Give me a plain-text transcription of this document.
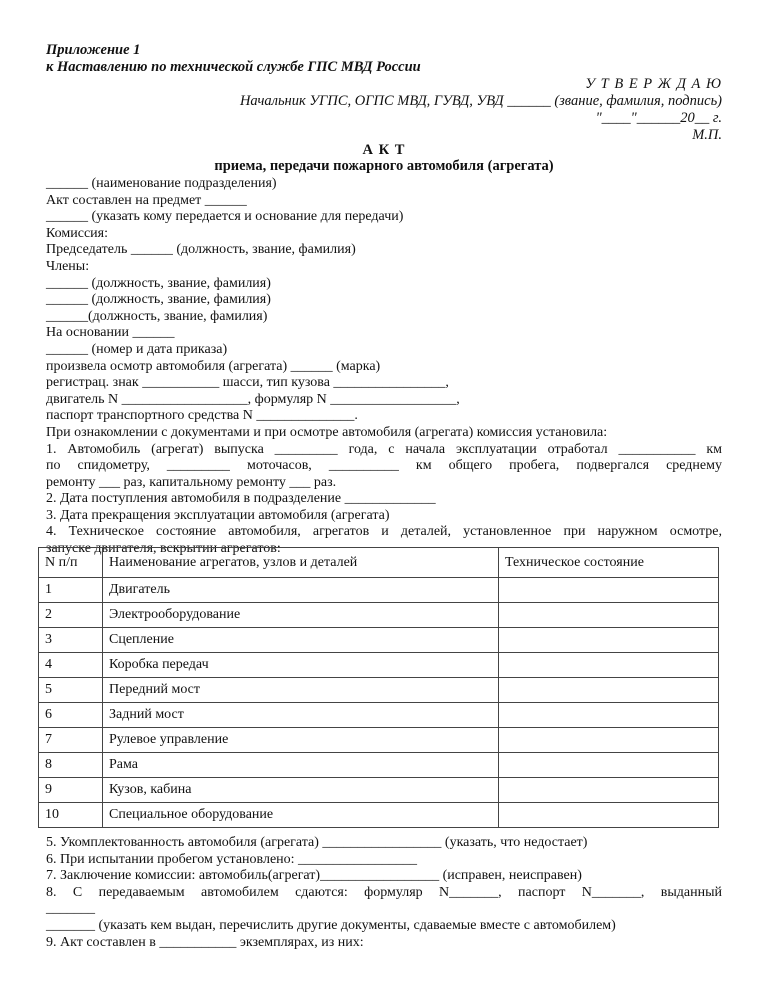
Приложение 1
к Наставлению по технической службе ГПС МВД России
У Т В Е Р Ж Д А Ю
Начальник УГПС, ОГПС МВД, ГУВД, УВД ______ (звание, фамилия, подпись)
"____"______20__ г.
М.П.
А К Т
приема, передачи пожарного автомобиля (агрегата)
______ (наименование подразделения)
Акт составлен на предмет ______
______ (указать кому передается и основание для передачи)
Комиссия:
Председатель ______ (должность, звание, фамилия)
Члены:
______ (должность, звание, фамилия)
______ (должность, звание, фамилия)
______(должность, звание, фамилия)
На основании ______
______ (номер и дата приказа)
произвела осмотр автомобиля (агрегата) ______ (марка)
регистрац. знак ___________ шасси, тип кузова ________________,
двигатель N __________________, формуляр N __________________,
паспорт транспортного средства N ______________.
При ознакомлении с документами и при осмотре автомобиля (агрегата) комиссия установила:
1. Автомобиль (агрегат) выпуска _________ года, с начала эксплуатации отработал ___________ км
по спидометру, _________ моточасов, __________ км общего пробега, подвергался среднему
ремонту ___ раз, капитальному ремонту ___ раз.
2. Дата поступления автомобиля в подразделение _____________
3. Дата прекращения эксплуатации автомобиля (агрегата)
4. Техническое состояние автомобиля, агрегатов и деталей, установленное при наружном осмотре,
запуске двигателя, вскрытии агрегатов:
N п/п	Наименование агрегатов, узлов и деталей	Техническое состояние
1	Двигатель	
2	Электрооборудование	
3	Сцепление	
4	Коробка передач	
5	Передний мост	
6	Задний мост	
7	Рулевое управление	
8	Рама	
9	Кузов, кабина	
10	Специальное оборудование	
5. Укомплектованность автомобиля (агрегата) _________________ (указать, что недостает)
6. При испытании пробегом установлено: _________________
7. Заключение комиссии: автомобиль(агрегат)_________________ (исправен, неисправен)
8. С передаваемым автомобилем сдаются: формуляр N_______, паспорт N_______, выданный
_______
_______ (указать кем выдан, перечислить другие документы, сдаваемые вместе с автомобилем)
9. Акт составлен в ___________ экземплярах, из них:
